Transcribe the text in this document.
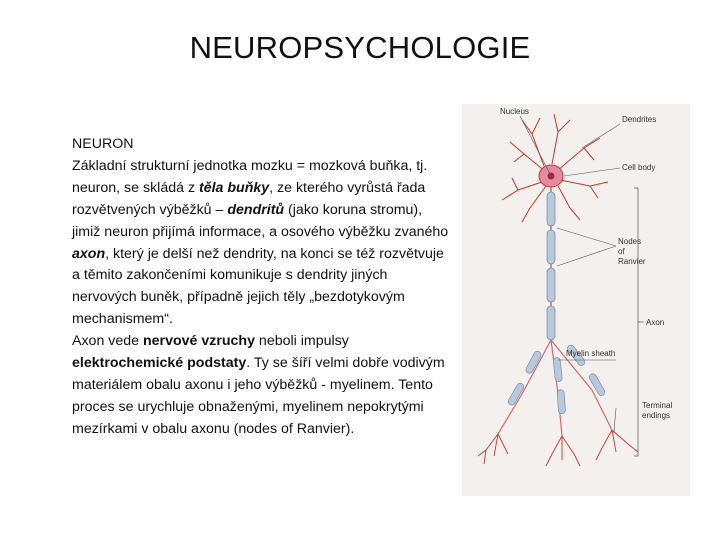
NEUROPSYCHOLOGIE

NEURON

Základní strukturní jednotka mozku = mozková buňka, tj. neuron, se skládá z těla buňky, ze kterého vyrůstá řada rozvětvených výběžků – dendritů (jako koruna stromu), jimiž neuron přijímá informace, a osového výběžku zvaného axon, který je delší než dendrity, na konci se též rozvětvuje a těmito zakončeními komunikuje s dendrity jiných nervových buněk, případně jejich těly „bezdotykovým mechanismem“.

Axon vede nervové vzruchy neboli impulsy elektrochemické podstaty. Ty se šíří velmi dobře vodivým materiálem obalu axonu i jeho výběžků - myelinem. Tento proces se urychluje obnaženými, myelinem nepokrytými mezírkami v obalu axonu (nodes of Ranvier).

Nucleus
Dendrites
Cell body
Nodes
of
Ranvier
Axon
Myelin sheath
Terminal
endings
